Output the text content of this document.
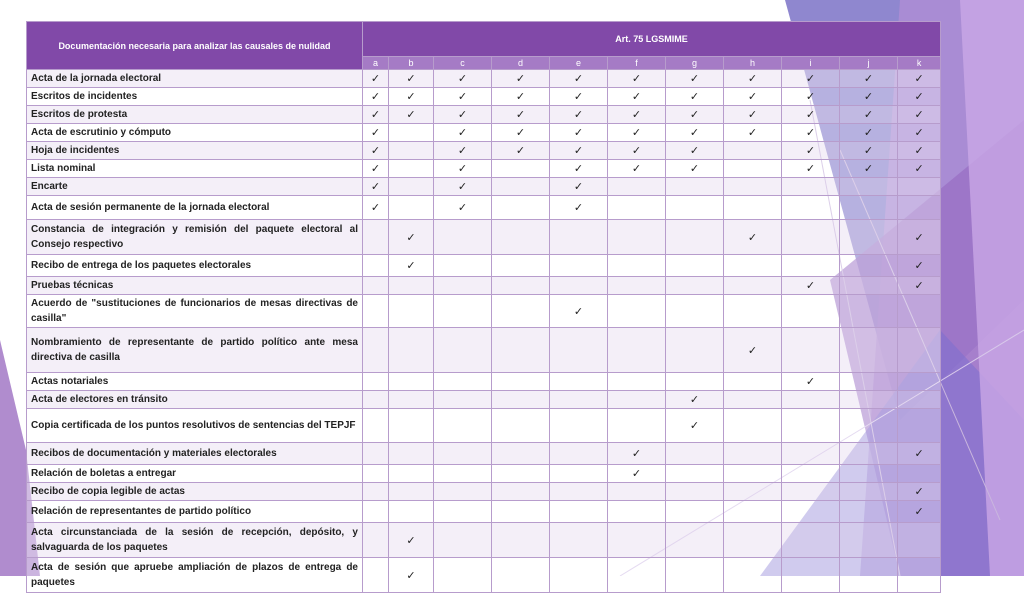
Documentación necesaria para analizar las causales de nulidad	Art. 75 LGSMIME										
	a	b	c	d	e	f	g	h	i	j	k
Acta de la jornada electoral	✓	✓	✓	✓	✓	✓	✓	✓	✓	✓	✓
Escritos de incidentes	✓	✓	✓	✓	✓	✓	✓	✓	✓	✓	✓
Escritos de protesta	✓	✓	✓	✓	✓	✓	✓	✓	✓	✓	✓
Acta de escrutinio y cómputo	✓		✓	✓	✓	✓	✓	✓	✓	✓	✓
Hoja de incidentes	✓		✓	✓	✓	✓	✓		✓	✓	✓
Lista nominal	✓		✓		✓	✓	✓		✓	✓	✓
Encarte	✓		✓		✓						
Acta de sesión permanente de la jornada electoral	✓		✓		✓						
Constancia de integración y remisión del paquete electoral al Consejo respectivo		✓						✓			✓
Recibo de entrega de los paquetes electorales		✓									✓
Pruebas técnicas									✓		✓
Acuerdo de "sustituciones de funcionarios de mesas directivas de casilla"					✓						
Nombramiento de representante de partido político ante mesa directiva de casilla								✓			
Actas notariales									✓		
Acta de electores en tránsito							✓				
Copia certificada de los puntos resolutivos de sentencias del TEPJF							✓				
Recibos de documentación y materiales electorales						✓					✓
Relación de boletas a entregar						✓					
Recibo de copia legible de actas											✓
Relación de representantes de partido político											✓
Acta circunstanciada de la sesión de recepción, depósito, y salvaguarda de los paquetes		✓									
Acta de sesión que apruebe ampliación de plazos de entrega de paquetes		✓									
